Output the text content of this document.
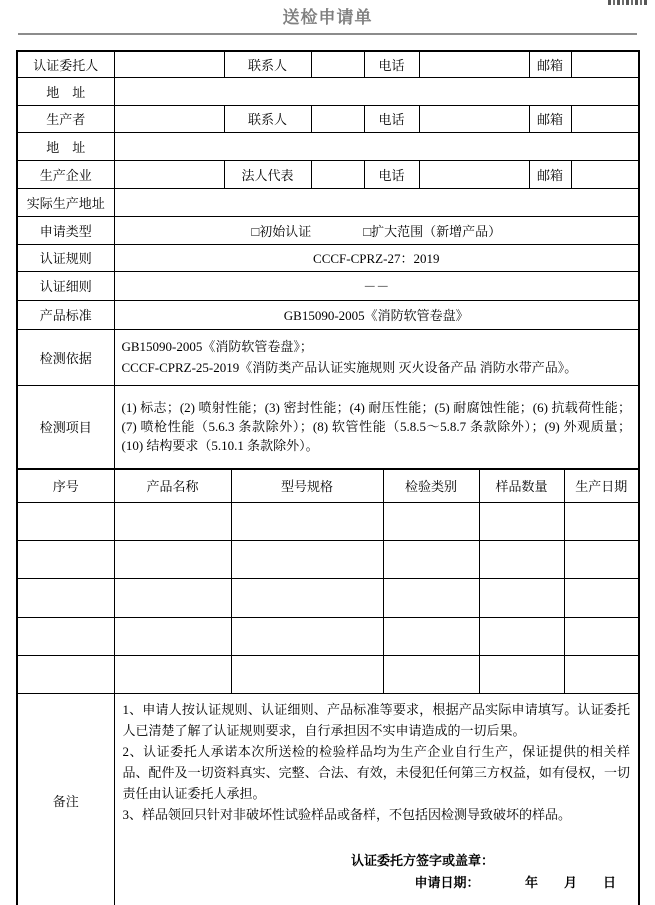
送检申请单
认证委托人		联系人		电话		邮箱	
地　址							
生产者		联系人		电话		邮箱	
地　址							
生产企业		法人代表		电话		邮箱	
实际生产地址							
申请类型	□初始认证 □扩大范围（新增产品）						
认证规则	CCCF-CPRZ-27：2019						
认证细则	－－						
产品标准	GB15090-2005《消防软管卷盘》						
检测依据	GB15090-2005《消防软管卷盘》；
CCCF-CPRZ-25-2019《消防类产品认证实施规则 灭火设备产品 消防水带产品》。						

检测项目	(1) 标志；(2) 喷射性能；(3) 密封性能；(4) 耐压性能；(5) 耐腐蚀性能；(6) 抗载荷性能；(7) 喷枪性能（5.6.3 条款除外）；(8) 软管性能（5.8.5～5.8.7 条款除外）；(9) 外观质量；(10) 结构要求（5.10.1 条款除外）。						
序号	产品名称	型号规格	检验类别	样品数量	生产日期

备注	1、申请人按认证规则、认证细则、产品标准等要求，根据产品实际申请填写。认证委托人已清楚了解了认证规则要求，自行承担因不实申请造成的一切后果。
2、认证委托人承诺本次所送检的检验样品均为生产企业自行生产，保证提供的相关样品、配件及一切资料真实、完整、合法、有效，未侵犯任何第三方权益，如有侵权，一切责任由认证委托人承担。
3、样品领回只针对非破坏性试验样品或备样，不包括因检测导致破坏的样品。
认证委托方签字或盖章：
申请日期：　　　　年　　月　　日				
